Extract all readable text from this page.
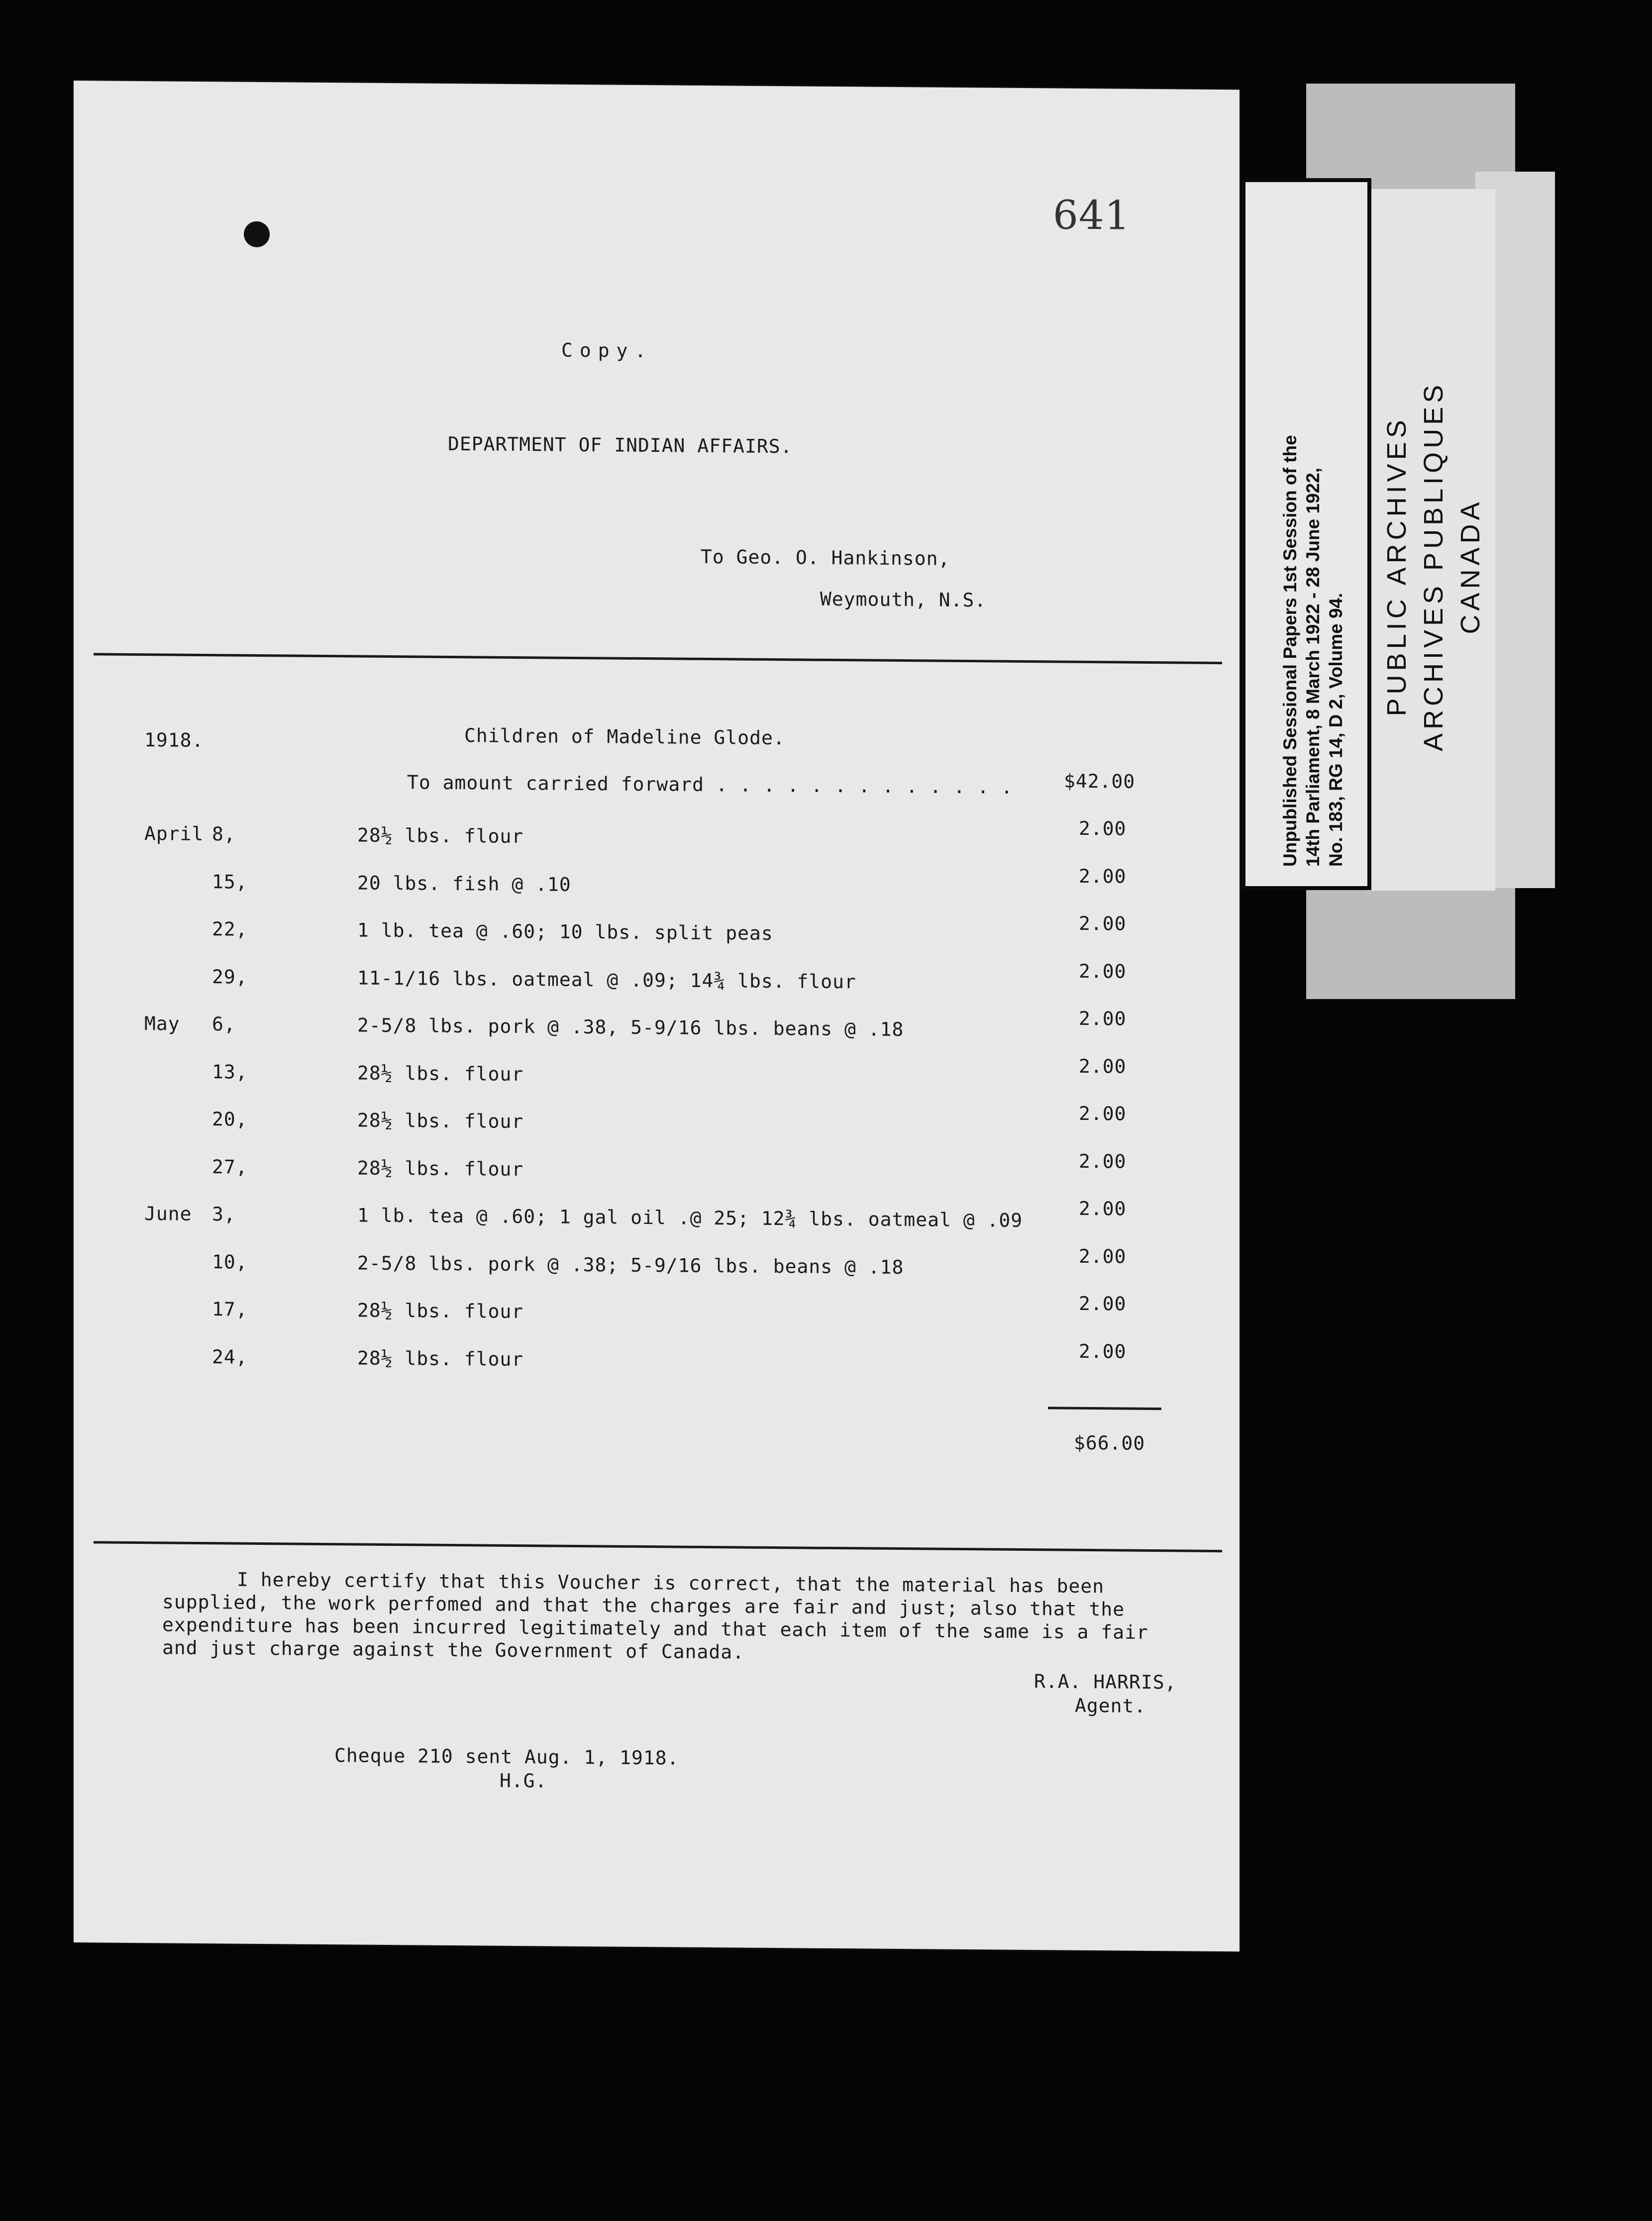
Unpublished Sessional Papers 1st Session of the 14th Parliament, 8 March 1922 - 28 June 1922, No. 183, RG 14, D 2, Volume 94.
PUBLIC ARCHIVES ARCHIVES PUBLIQUES CANADA
641
Copy.
DEPARTMENT OF INDIAN AFFAIRS.
To Geo. O. Hankinson,
Weymouth, N.S.
1918.	Children of Madeline Glode.
To amount carried forward . . . . . . . . . . . . .	$42.00
April 8,	28½ lbs. flour	2.00
15,	20 lbs. fish @ .10	2.00
22,	1 lb. tea @ .60; 10 lbs. split peas	2.00
29,	11-1/16 lbs. oatmeal @ .09; 14¾ lbs. flour	2.00
May 6,	2-5/8 lbs. pork @ .38, 5-9/16 lbs. beans @ .18	2.00
13,	28½ lbs. flour	2.00
20,	28½ lbs. flour	2.00
27,	28½ lbs. flour	2.00
June 3,	1 lb. tea @ .60; 1 gal oil .@ 25; 12¾ lbs. oatmeal @ .09	2.00
10,	2-5/8 lbs. pork @ .38; 5-9/16 lbs. beans @ .18	2.00
17,	28½ lbs. flour	2.00
24,	28½ lbs. flour	2.00
$66.00
I hereby certify that this Voucher is correct, that the material has been
supplied, the work perfomed and that the charges are fair and just; also that the
expenditure has been incurred legitimately and that each item of the same is a fair
and just charge against the Government of Canada.
R.A. HARRIS,
Agent.
Cheque 210 sent Aug. 1, 1918.
H.G.
